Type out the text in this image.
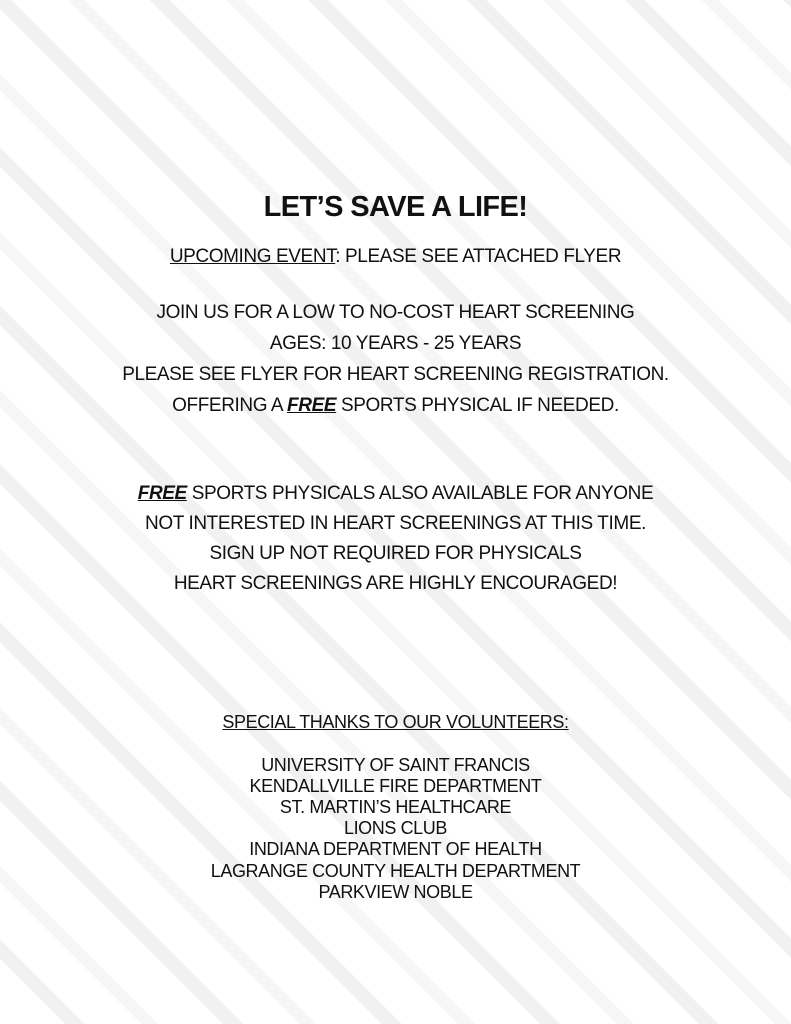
LET’S SAVE A LIFE!

UPCOMING EVENT: PLEASE SEE ATTACHED FLYER

JOIN US FOR A LOW TO NO-COST HEART SCREENING

AGES: 10 YEARS - 25 YEARS

PLEASE SEE FLYER FOR HEART SCREENING REGISTRATION.

OFFERING A FREE SPORTS PHYSICAL IF NEEDED.

FREE SPORTS PHYSICALS ALSO AVAILABLE FOR ANYONE

NOT INTERESTED IN HEART SCREENINGS AT THIS TIME.

SIGN UP NOT REQUIRED FOR PHYSICALS

HEART SCREENINGS ARE HIGHLY ENCOURAGED!

SPECIAL THANKS TO OUR VOLUNTEERS:

UNIVERSITY OF SAINT FRANCIS

KENDALLVILLE FIRE DEPARTMENT

ST. MARTIN’S HEALTHCARE

LIONS CLUB

INDIANA DEPARTMENT OF HEALTH

LAGRANGE COUNTY HEALTH DEPARTMENT

PARKVIEW NOBLE
